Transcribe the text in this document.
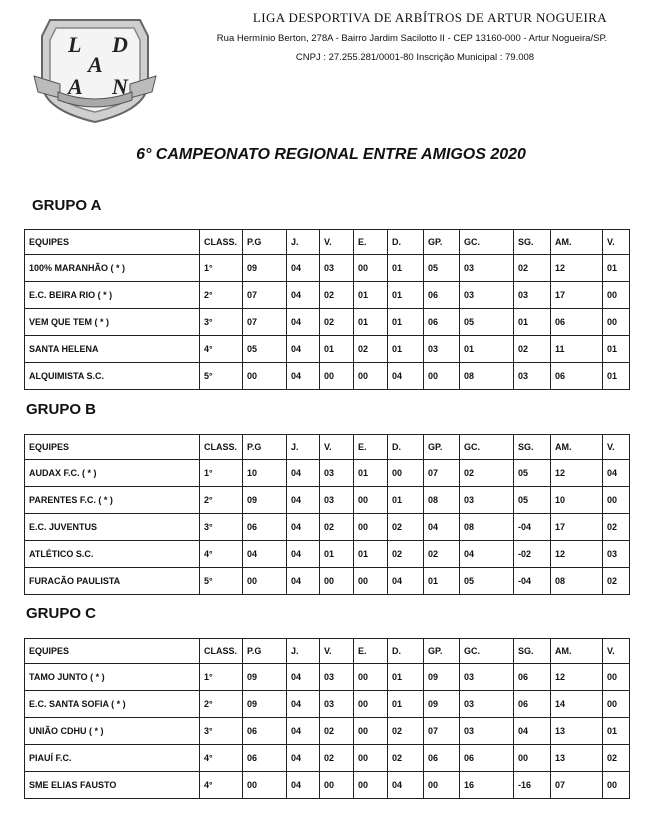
L D
A
A N
LIGA DESPORTIVA DE ARBÍTROS DE ARTUR NOGUEIRA
Rua Hermínio Berton, 278A - Bairro Jardim Sacilotto II - CEP 13160-000 - Artur Nogueira/SP.
CNPJ : 27.255.281/0001-80 Inscrição Municipal : 79.008
6° CAMPEONATO REGIONAL ENTRE AMIGOS 2020
GRUPO A
EQUIPES	CLASS.	P.G	J.	V.	E.	D.	GP.	GC.	SG.	AM.	V.
100% MARANHÃO ( * )	1°	09	04	03	00	01	05	03	02	12	01
E.C. BEIRA RIO ( * )	2°	07	04	02	01	01	06	03	03	17	00
VEM QUE TEM ( * )	3°	07	04	02	01	01	06	05	01	06	00
SANTA HELENA	4°	05	04	01	02	01	03	01	02	11	01
ALQUIMISTA S.C.	5°	00	04	00	00	04	00	08	03	06	01
GRUPO B
EQUIPES	CLASS.	P.G	J.	V.	E.	D.	GP.	GC.	SG.	AM.	V.
AUDAX F.C. ( * )	1°	10	04	03	01	00	07	02	05	12	04
PARENTES F.C. ( * )	2°	09	04	03	00	01	08	03	05	10	00
E.C. JUVENTUS	3°	06	04	02	00	02	04	08	-04	17	02
ATLÉTICO S.C.	4°	04	04	01	01	02	02	04	-02	12	03
FURACÃO PAULISTA	5°	00	04	00	00	04	01	05	-04	08	02
GRUPO C
EQUIPES	CLASS.	P.G	J.	V.	E.	D.	GP.	GC.	SG.	AM.	V.
TAMO JUNTO ( * )	1°	09	04	03	00	01	09	03	06	12	00
E.C. SANTA SOFIA ( * )	2°	09	04	03	00	01	09	03	06	14	00
UNIÃO CDHU ( * )	3°	06	04	02	00	02	07	03	04	13	01
PIAUÍ F.C.	4°	06	04	02	00	02	06	06	00	13	02
SME ELIAS FAUSTO	4°	00	04	00	00	04	00	16	-16	07	00
